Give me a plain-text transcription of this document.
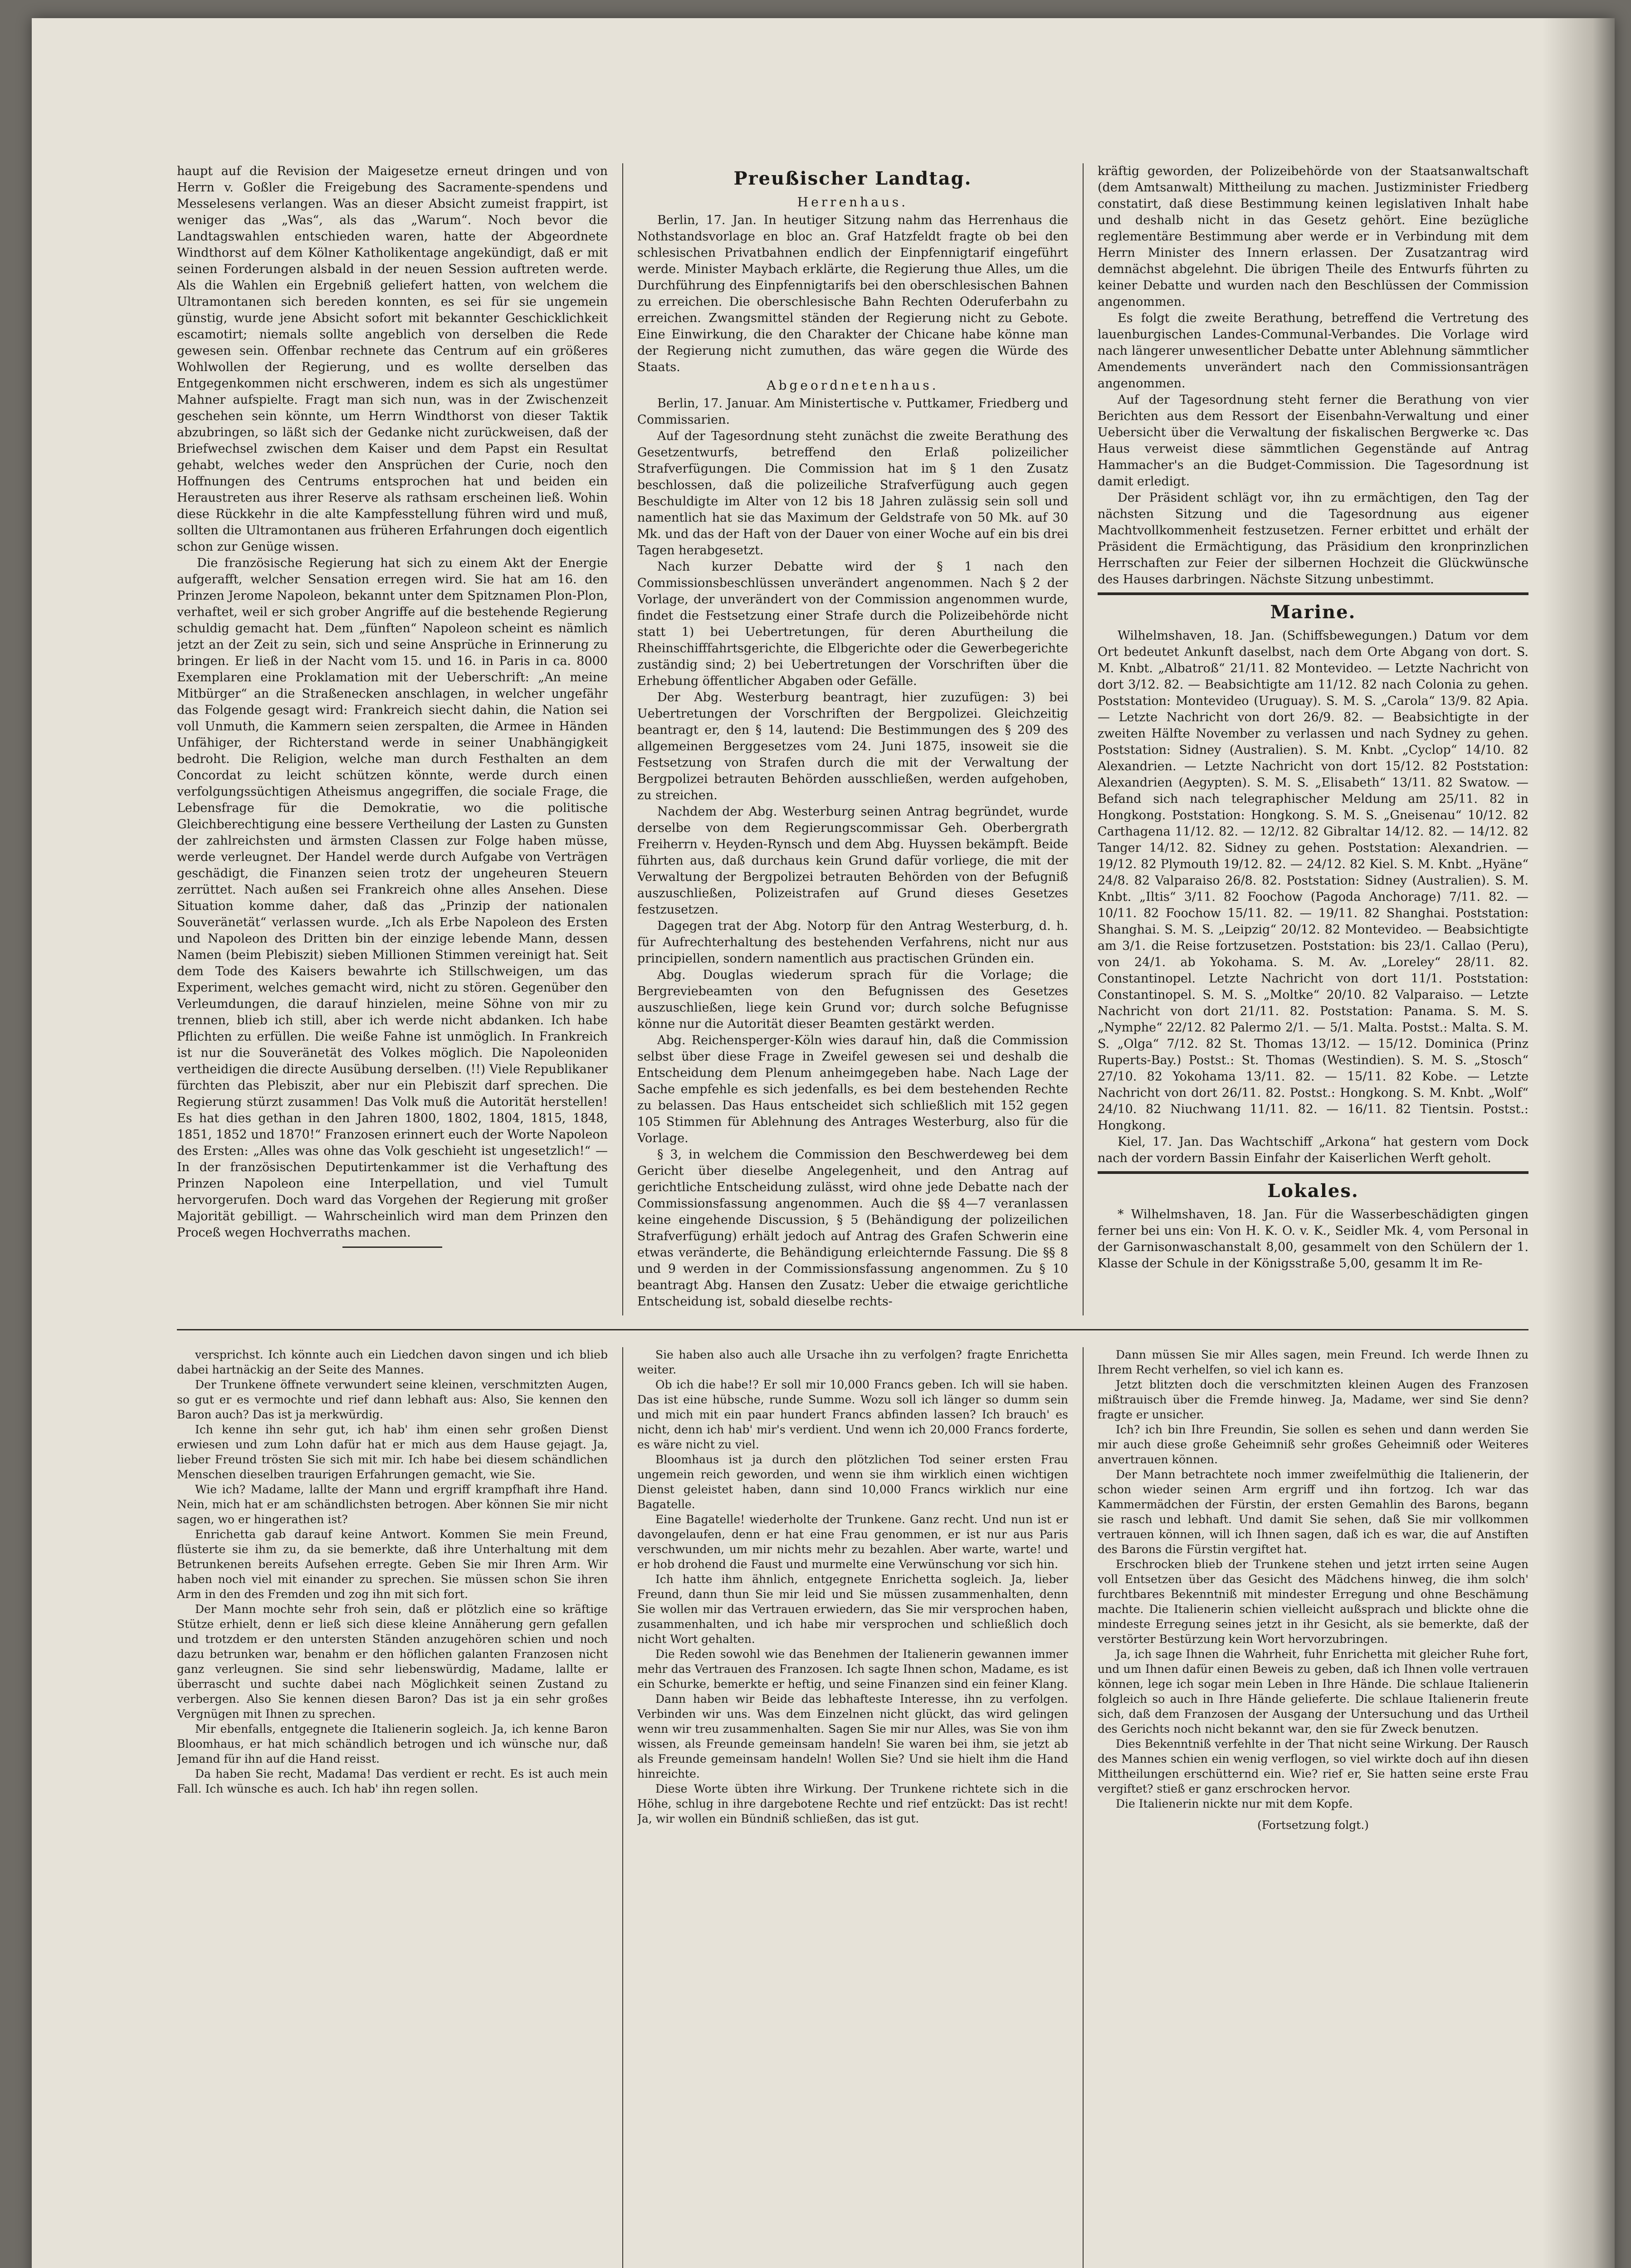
haupt auf die Revision der Maigesetze erneut dringen und von Herrn v. Goßler die Freigebung des Sacramente-spendens und Messelesens verlangen. Was an dieser Absicht zumeist frappirt, ist weniger das „Was“, als das „Warum“. Noch bevor die Landtagswahlen entschieden waren, hatte der Abgeordnete Windthorst auf dem Kölner Katholikentage angekündigt, daß er mit seinen Forderungen alsbald in der neuen Session auftreten werde. Als die Wahlen ein Ergebniß geliefert hatten, von welchem die Ultramontanen sich bereden konnten, es sei für sie ungemein günstig, wurde jene Absicht sofort mit bekannter Geschicklichkeit escamotirt; niemals sollte angeblich von derselben die Rede gewesen sein. Offenbar rechnete das Centrum auf ein größeres Wohlwollen der Regierung, und es wollte derselben das Entgegenkommen nicht erschweren, indem es sich als ungestümer Mahner aufspielte. Fragt man sich nun, was in der Zwischenzeit geschehen sein könnte, um Herrn Windthorst von dieser Taktik abzubringen, so läßt sich der Gedanke nicht zurückweisen, daß der Briefwechsel zwischen dem Kaiser und dem Papst ein Resultat gehabt, welches weder den Ansprüchen der Curie, noch den Hoffnungen des Centrums entsprochen hat und beiden ein Heraustreten aus ihrer Reserve als rathsam erscheinen ließ. Wohin diese Rückkehr in die alte Kampfesstellung führen wird und muß, sollten die Ultramontanen aus früheren Erfahrungen doch eigentlich schon zur Genüge wissen.

Die französische Regierung hat sich zu einem Akt der Energie aufgerafft, welcher Sensation erregen wird. Sie hat am 16. den Prinzen Jerome Napoleon, bekannt unter dem Spitznamen Plon-Plon, verhaftet, weil er sich grober Angriffe auf die bestehende Regierung schuldig gemacht hat. Dem „fünften“ Napoleon scheint es nämlich jetzt an der Zeit zu sein, sich und seine Ansprüche in Erinnerung zu bringen. Er ließ in der Nacht vom 15. und 16. in Paris in ca. 8000 Exemplaren eine Proklamation mit der Ueberschrift: „An meine Mitbürger“ an die Straßenecken anschlagen, in welcher ungefähr das Folgende gesagt wird: Frankreich siecht dahin, die Nation sei voll Unmuth, die Kammern seien zerspalten, die Armee in Händen Unfähiger, der Richterstand werde in seiner Unabhängigkeit bedroht. Die Religion, welche man durch Festhalten an dem Concordat zu leicht schützen könnte, werde durch einen verfolgungssüchtigen Atheismus angegriffen, die sociale Frage, die Lebensfrage für die Demokratie, wo die politische Gleichberechtigung eine bessere Vertheilung der Lasten zu Gunsten der zahlreichsten und ärmsten Classen zur Folge haben müsse, werde verleugnet. Der Handel werde durch Aufgabe von Verträgen geschädigt, die Finanzen seien trotz der ungeheuren Steuern zerrüttet. Nach außen sei Frankreich ohne alles Ansehen. Diese Situation komme daher, daß das „Prinzip der nationalen Souveränetät“ verlassen wurde. „Ich als Erbe Napoleon des Ersten und Napoleon des Dritten bin der einzige lebende Mann, dessen Namen (beim Plebiszit) sieben Millionen Stimmen vereinigt hat. Seit dem Tode des Kaisers bewahrte ich Stillschweigen, um das Experiment, welches gemacht wird, nicht zu stören. Gegenüber den Verleumdungen, die darauf hinzielen, meine Söhne von mir zu trennen, blieb ich still, aber ich werde nicht abdanken. Ich habe Pflichten zu erfüllen. Die weiße Fahne ist unmöglich. In Frankreich ist nur die Souveränetät des Volkes möglich. Die Napoleoniden vertheidigen die directe Ausübung derselben. (!!) Viele Republikaner fürchten das Plebiszit, aber nur ein Plebiszit darf sprechen. Die Regierung stürzt zusammen! Das Volk muß die Autorität herstellen! Es hat dies gethan in den Jahren 1800, 1802, 1804, 1815, 1848, 1851, 1852 und 1870!“ Franzosen erinnert euch der Worte Napoleon des Ersten: „Alles was ohne das Volk geschieht ist ungesetzlich!“ — In der französischen Deputirtenkammer ist die Verhaftung des Prinzen Napoleon eine Interpellation, und viel Tumult hervorgerufen. Doch ward das Vorgehen der Regierung mit großer Majorität gebilligt. — Wahrscheinlich wird man dem Prinzen den Proceß wegen Hochverraths machen.

Preußischer Landtag.
Herrenhaus.

Berlin, 17. Jan. In heutiger Sitzung nahm das Herrenhaus die Nothstandsvorlage en bloc an. Graf Hatzfeldt fragte ob bei den schlesischen Privatbahnen endlich der Einpfennigtarif eingeführt werde. Minister Maybach erklärte, die Regierung thue Alles, um die Durchführung des Einpfennigtarifs bei den oberschlesischen Bahnen zu erreichen. Die oberschlesische Bahn Rechten Oderuferbahn zu erreichen. Zwangsmittel ständen der Regierung nicht zu Gebote. Eine Einwirkung, die den Charakter der Chicane habe könne man der Regierung nicht zumuthen, das wäre gegen die Würde des Staats.

Abgeordnetenhaus.

Berlin, 17. Januar. Am Ministertische v. Puttkamer, Friedberg und Commissarien.

Auf der Tagesordnung steht zunächst die zweite Berathung des Gesetzentwurfs, betreffend den Erlaß polizeilicher Strafverfügungen. Die Commission hat im § 1 den Zusatz beschlossen, daß die polizeiliche Strafverfügung auch gegen Beschuldigte im Alter von 12 bis 18 Jahren zulässig sein soll und namentlich hat sie das Maximum der Geldstrafe von 50 Mk. auf 30 Mk. und das der Haft von der Dauer von einer Woche auf ein bis drei Tagen herabgesetzt.

Nach kurzer Debatte wird der § 1 nach den Commissionsbeschlüssen unverändert angenommen. Nach § 2 der Vorlage, der unverändert von der Commission angenommen wurde, findet die Festsetzung einer Strafe durch die Polizeibehörde nicht statt 1) bei Uebertretungen, für deren Aburtheilung die Rheinschifffahrtsgerichte, die Elbgerichte oder die Gewerbegerichte zuständig sind; 2) bei Uebertretungen der Vorschriften über die Erhebung öffentlicher Abgaben oder Gefälle.

Der Abg. Westerburg beantragt, hier zuzufügen: 3) bei Uebertretungen der Vorschriften der Bergpolizei. Gleichzeitig beantragt er, den § 14, lautend: Die Bestimmungen des § 209 des allgemeinen Berggesetzes vom 24. Juni 1875, insoweit sie die Festsetzung von Strafen durch die mit der Verwaltung der Bergpolizei betrauten Behörden ausschließen, werden aufgehoben, zu streichen.

Nachdem der Abg. Westerburg seinen Antrag begründet, wurde derselbe von dem Regierungscommissar Geh. Oberbergrath Freiherrn v. Heyden-Rynsch und dem Abg. Huyssen bekämpft. Beide führten aus, daß durchaus kein Grund dafür vorliege, die mit der Verwaltung der Bergpolizei betrauten Behörden von der Befugniß auszuschließen, Polizeistrafen auf Grund dieses Gesetzes festzusetzen.

Dagegen trat der Abg. Notorp für den Antrag Westerburg, d. h. für Aufrechterhaltung des bestehenden Verfahrens, nicht nur aus principiellen, sondern namentlich aus practischen Gründen ein.

Abg. Douglas wiederum sprach für die Vorlage; die Bergreviebeamten von den Befugnissen des Gesetzes auszuschließen, liege kein Grund vor; durch solche Befugnisse könne nur die Autorität dieser Beamten gestärkt werden.

Abg. Reichensperger-Köln wies darauf hin, daß die Commission selbst über diese Frage in Zweifel gewesen sei und deshalb die Entscheidung dem Plenum anheimgegeben habe. Nach Lage der Sache empfehle es sich jedenfalls, es bei dem bestehenden Rechte zu belassen. Das Haus entscheidet sich schließlich mit 152 gegen 105 Stimmen für Ablehnung des Antrages Westerburg, also für die Vorlage.

§ 3, in welchem die Commission den Beschwerdeweg bei dem Gericht über dieselbe Angelegenheit, und den Antrag auf gerichtliche Entscheidung zulässt, wird ohne jede Debatte nach der Commissionsfassung angenommen. Auch die §§ 4—7 veranlassen keine eingehende Discussion, § 5 (Behändigung der polizeilichen Strafverfügung) erhält jedoch auf Antrag des Grafen Schwerin eine etwas veränderte, die Behändigung erleichternde Fassung. Die §§ 8 und 9 werden in der Commissionsfassung angenommen. Zu § 10 beantragt Abg. Hansen den Zusatz: Ueber die etwaige gerichtliche Entscheidung ist, sobald dieselbe rechts-

kräftig geworden, der Polizeibehörde von der Staatsanwaltschaft (dem Amtsanwalt) Mittheilung zu machen. Justizminister Friedberg constatirt, daß diese Bestimmung keinen legislativen Inhalt habe und deshalb nicht in das Gesetz gehört. Eine bezügliche reglementäre Bestimmung aber werde er in Verbindung mit dem Herrn Minister des Innern erlassen. Der Zusatzantrag wird demnächst abgelehnt. Die übrigen Theile des Entwurfs führten zu keiner Debatte und wurden nach den Beschlüssen der Commission angenommen.

Es folgt die zweite Berathung, betreffend die Vertretung des lauenburgischen Landes-Communal-Verbandes. Die Vorlage wird nach längerer unwesentlicher Debatte unter Ablehnung sämmtlicher Amendements unverändert nach den Commissionsanträgen angenommen.

Auf der Tagesordnung steht ferner die Berathung von vier Berichten aus dem Ressort der Eisenbahn-Verwaltung und einer Uebersicht über die Verwaltung der fiskalischen Bergwerke ꝛc. Das Haus verweist diese sämmtlichen Gegenstände auf Antrag Hammacher's an die Budget-Commission. Die Tagesordnung ist damit erledigt.

Der Präsident schlägt vor, ihn zu ermächtigen, den Tag der nächsten Sitzung und die Tagesordnung aus eigener Machtvollkommenheit festzusetzen. Ferner erbittet und erhält der Präsident die Ermächtigung, das Präsidium den kronprinzlichen Herrschaften zur Feier der silbernen Hochzeit die Glückwünsche des Hauses darbringen. Nächste Sitzung unbestimmt.

Marine.

Wilhelmshaven, 18. Jan. (Schiffsbewegungen.) Datum vor dem Ort bedeutet Ankunft daselbst, nach dem Orte Abgang von dort. S. M. Knbt. „Albatroß“ 21/11. 82 Montevideo. — Letzte Nachricht von dort 3/12. 82. — Beabsichtigte am 11/12. 82 nach Colonia zu gehen. Poststation: Montevideo (Uruguay). S. M. S. „Carola“ 13/9. 82 Apia. — Letzte Nachricht von dort 26/9. 82. — Beabsichtigte in der zweiten Hälfte November zu verlassen und nach Sydney zu gehen. Poststation: Sidney (Australien). S. M. Knbt. „Cyclop“ 14/10. 82 Alexandrien. — Letzte Nachricht von dort 15/12. 82 Poststation: Alexandrien (Aegypten). S. M. S. „Elisabeth“ 13/11. 82 Swatow. — Befand sich nach telegraphischer Meldung am 25/11. 82 in Hongkong. Poststation: Hongkong. S. M. S. „Gneisenau“ 10/12. 82 Carthagena 11/12. 82. — 12/12. 82 Gibraltar 14/12. 82. — 14/12. 82 Tanger 14/12. 82. Sidney zu gehen. Poststation: Alexandrien. — 19/12. 82 Plymouth 19/12. 82. — 24/12. 82 Kiel. S. M. Knbt. „Hyäne“ 24/8. 82 Valparaiso 26/8. 82. Poststation: Sidney (Australien). S. M. Knbt. „Iltis“ 3/11. 82 Foochow (Pagoda Anchorage) 7/11. 82. — 10/11. 82 Foochow 15/11. 82. — 19/11. 82 Shanghai. Poststation: Shanghai. S. M. S. „Leipzig“ 20/12. 82 Montevideo. — Beabsichtigte am 3/1. die Reise fortzusetzen. Poststation: bis 23/1. Callao (Peru), von 24/1. ab Yokohama. S. M. Av. „Loreley“ 28/11. 82. Constantinopel. Letzte Nachricht von dort 11/1. Poststation: Constantinopel. S. M. S. „Moltke“ 20/10. 82 Valparaiso. — Letzte Nachricht von dort 21/11. 82. Poststation: Panama. S. M. S. „Nymphe“ 22/12. 82 Palermo 2/1. — 5/1. Malta. Postst.: Malta. S. M. S. „Olga“ 7/12. 82 St. Thomas 13/12. — 15/12. Dominica (Prinz Ruperts-Bay.) Postst.: St. Thomas (Westindien). S. M. S. „Stosch“ 27/10. 82 Yokohama 13/11. 82. — 15/11. 82 Kobe. — Letzte Nachricht von dort 26/11. 82. Postst.: Hongkong. S. M. Knbt. „Wolf“ 24/10. 82 Niuchwang 11/11. 82. — 16/11. 82 Tientsin. Postst.: Hongkong.

Kiel, 17. Jan. Das Wachtschiff „Arkona“ hat gestern vom Dock nach der vordern Bassin Einfahr der Kaiserlichen Werft geholt.

Lokales.

* Wilhelmshaven, 18. Jan. Für die Wasserbeschädigten gingen ferner bei uns ein: Von H. K. O. v. K., Seidler Mk. 4, vom Personal in der Garnisonwaschanstalt 8,00, gesammelt von den Schülern der 1. Klasse der Schule in der Königsstraße 5,00, gesamm lt im Re-

versprichst. Ich könnte auch ein Liedchen davon singen und ich blieb dabei hartnäckig an der Seite des Mannes.

Der Trunkene öffnete verwundert seine kleinen, verschmitzten Augen, so gut er es vermochte und rief dann lebhaft aus: Also, Sie kennen den Baron auch? Das ist ja merkwürdig.

Ich kenne ihn sehr gut, ich hab' ihm einen sehr großen Dienst erwiesen und zum Lohn dafür hat er mich aus dem Hause gejagt. Ja, lieber Freund trösten Sie sich mit mir. Ich habe bei diesem schändlichen Menschen dieselben traurigen Erfahrungen gemacht, wie Sie.

Wie ich? Madame, lallte der Mann und ergriff krampfhaft ihre Hand. Nein, mich hat er am schändlichsten betrogen. Aber können Sie mir nicht sagen, wo er hingerathen ist?

Enrichetta gab darauf keine Antwort. Kommen Sie mein Freund, flüsterte sie ihm zu, da sie bemerkte, daß ihre Unterhaltung mit dem Betrunkenen bereits Aufsehen erregte. Geben Sie mir Ihren Arm. Wir haben noch viel mit einander zu sprechen. Sie müssen schon Sie ihren Arm in den des Fremden und zog ihn mit sich fort.

Der Mann mochte sehr froh sein, daß er plötzlich eine so kräftige Stütze erhielt, denn er ließ sich diese kleine Annäherung gern gefallen und trotzdem er den untersten Ständen anzugehören schien und noch dazu betrunken war, benahm er den höflichen galanten Franzosen nicht ganz verleugnen. Sie sind sehr liebenswürdig, Madame, lallte er überrascht und suchte dabei nach Möglichkeit seinen Zustand zu verbergen. Also Sie kennen diesen Baron? Das ist ja ein sehr großes Vergnügen mit Ihnen zu sprechen.

Mir ebenfalls, entgegnete die Italienerin sogleich. Ja, ich kenne Baron Bloomhaus, er hat mich schändlich betrogen und ich wünsche nur, daß Jemand für ihn auf die Hand reisst.

Da haben Sie recht, Madama! Das verdient er recht. Es ist auch mein Fall. Ich wünsche es auch. Ich hab' ihn regen sollen.

Sie haben also auch alle Ursache ihn zu verfolgen? fragte Enrichetta weiter.

Ob ich die habe!? Er soll mir 10,000 Francs geben. Ich will sie haben. Das ist eine hübsche, runde Summe. Wozu soll ich länger so dumm sein und mich mit ein paar hundert Francs abfinden lassen? Ich brauch' es nicht, denn ich hab' mir's verdient. Und wenn ich 20,000 Francs forderte, es wäre nicht zu viel.

Bloomhaus ist ja durch den plötzlichen Tod seiner ersten Frau ungemein reich geworden, und wenn sie ihm wirklich einen wichtigen Dienst geleistet haben, dann sind 10,000 Francs wirklich nur eine Bagatelle.

Eine Bagatelle! wiederholte der Trunkene. Ganz recht. Und nun ist er davongelaufen, denn er hat eine Frau genommen, er ist nur aus Paris verschwunden, um mir nichts mehr zu bezahlen. Aber warte, warte! und er hob drohend die Faust und murmelte eine Verwünschung vor sich hin.

Ich hatte ihm ähnlich, entgegnete Enrichetta sogleich. Ja, lieber Freund, dann thun Sie mir leid und Sie müssen zusammenhalten, denn Sie wollen mir das Vertrauen erwiedern, das Sie mir versprochen haben, zusammenhalten, und ich habe mir versprochen und schließlich doch nicht Wort gehalten.

Die Reden sowohl wie das Benehmen der Italienerin gewannen immer mehr das Vertrauen des Franzosen. Ich sagte Ihnen schon, Madame, es ist ein Schurke, bemerkte er heftig, und seine Finanzen sind ein feiner Klang.

Dann haben wir Beide das lebhafteste Interesse, ihn zu verfolgen. Verbinden wir uns. Was dem Einzelnen nicht glückt, das wird gelingen wenn wir treu zusammenhalten. Sagen Sie mir nur Alles, was Sie von ihm wissen, als Freunde gemeinsam handeln! Sie waren bei ihm, sie jetzt ab als Freunde gemeinsam handeln! Wollen Sie? Und sie hielt ihm die Hand hinreichte.

Diese Worte übten ihre Wirkung. Der Trunkene richtete sich in die Höhe, schlug in ihre dargebotene Rechte und rief entzückt: Das ist recht! Ja, wir wollen ein Bündniß schließen, das ist gut.

Dann müssen Sie mir Alles sagen, mein Freund. Ich werde Ihnen zu Ihrem Recht verhelfen, so viel ich kann es.

Jetzt blitzten doch die verschmitzten kleinen Augen des Franzosen mißtrauisch über die Fremde hinweg. Ja, Madame, wer sind Sie denn? fragte er unsicher.

Ich? ich bin Ihre Freundin, Sie sollen es sehen und dann werden Sie mir auch diese große Geheimniß sehr großes Geheimniß oder Weiteres anvertrauen können.

Der Mann betrachtete noch immer zweifelmüthig die Italienerin, der schon wieder seinen Arm ergriff und ihn fortzog. Ich war das Kammermädchen der Fürstin, der ersten Gemahlin des Barons, begann sie rasch und lebhaft. Und damit Sie sehen, daß Sie mir vollkommen vertrauen können, will ich Ihnen sagen, daß ich es war, die auf Anstiften des Barons die Fürstin vergiftet hat.

Erschrocken blieb der Trunkene stehen und jetzt irrten seine Augen voll Entsetzen über das Gesicht des Mädchens hinweg, die ihm solch' furchtbares Bekenntniß mit mindester Erregung und ohne Beschämung machte. Die Italienerin schien vielleicht außsprach und blickte ohne die mindeste Erregung seines jetzt in ihr Gesicht, als sie bemerkte, daß der verstörter Bestürzung kein Wort hervorzubringen.

Ja, ich sage Ihnen die Wahrheit, fuhr Enrichetta mit gleicher Ruhe fort, und um Ihnen dafür einen Beweis zu geben, daß ich Ihnen volle vertrauen können, lege ich sogar mein Leben in Ihre Hände. Die schlaue Italienerin folgleich so auch in Ihre Hände gelieferte. Die schlaue Italienerin freute sich, daß dem Franzosen der Ausgang der Untersuchung und das Urtheil des Gerichts noch nicht bekannt war, den sie für Zweck benutzen.

Dies Bekenntniß verfehlte in der That nicht seine Wirkung. Der Rausch des Mannes schien ein wenig verflogen, so viel wirkte doch auf ihn diesen Mittheilungen erschütternd ein. Wie? rief er, Sie hatten seine erste Frau vergiftet? stieß er ganz erschrocken hervor.

Die Italienerin nickte nur mit dem Kopfe.

(Fortsetzung folgt.)
